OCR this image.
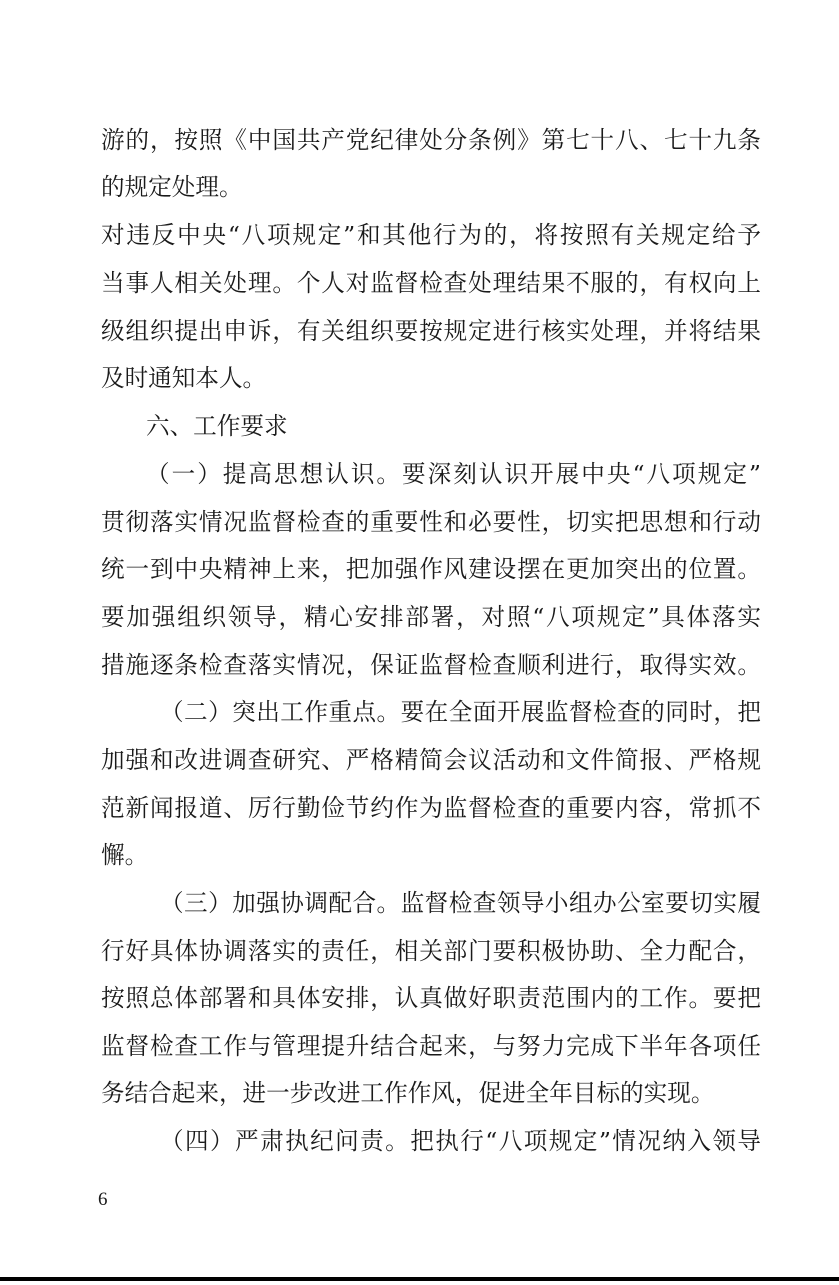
游的，按照《中国共产党纪律处分条例》第七十八、七十九条
的规定处理。
对违反中央“八项规定”和其他行为的，将按照有关规定给予
当事人相关处理。个人对监督检查处理结果不服的，有权向上
级组织提出申诉，有关组织要按规定进行核实处理，并将结果
及时通知本人。
六、工作要求
（一）提高思想认识。要深刻认识开展中央“八项规定”
贯彻落实情况监督检查的重要性和必要性，切实把思想和行动
统一到中央精神上来，把加强作风建设摆在更加突出的位置。
要加强组织领导，精心安排部署，对照“八项规定”具体落实
措施逐条检查落实情况，保证监督检查顺利进行，取得实效。
（二）突出工作重点。要在全面开展监督检查的同时，把
加强和改进调查研究、严格精简会议活动和文件简报、严格规
范新闻报道、厉行勤俭节约作为监督检查的重要内容，常抓不
懈。
（三）加强协调配合。监督检查领导小组办公室要切实履
行好具体协调落实的责任，相关部门要积极协助、全力配合，
按照总体部署和具体安排，认真做好职责范围内的工作。要把
监督检查工作与管理提升结合起来，与努力完成下半年各项任
务结合起来，进一步改进工作作风，促进全年目标的实现。
（四）严肃执纪问责。把执行“八项规定”情况纳入领导
6
